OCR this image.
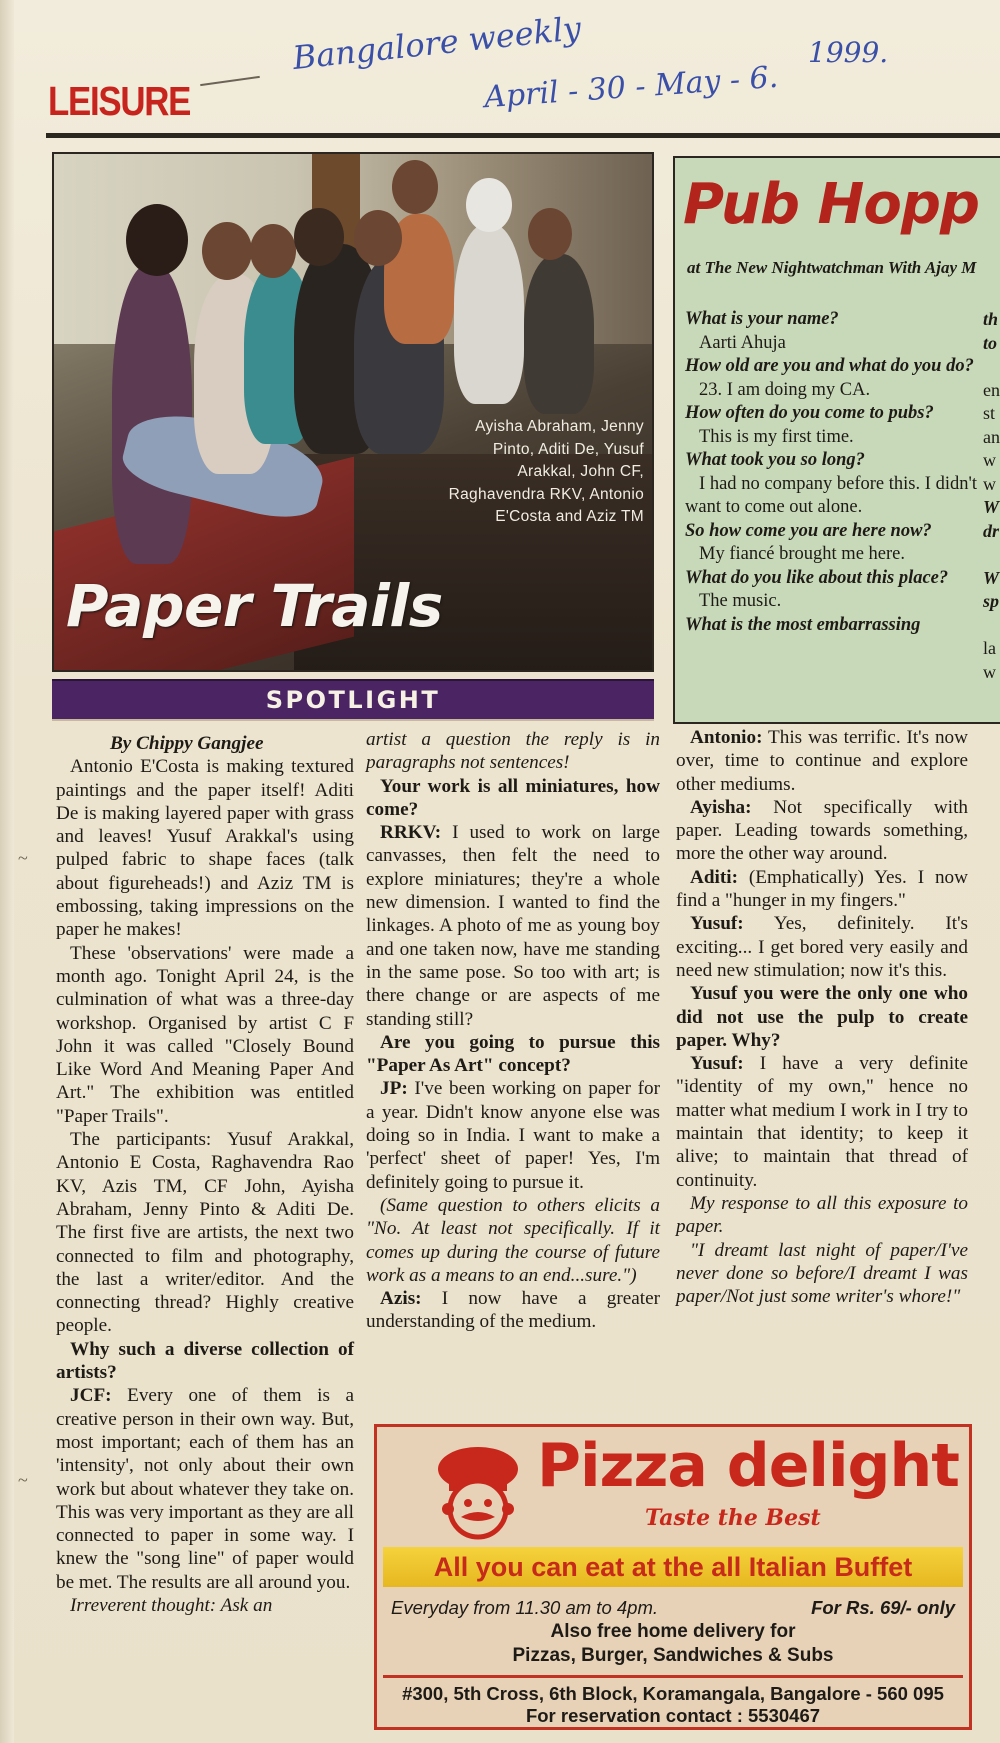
LEISURE
Bangalore weekly
April - 30 - May - 6.
1999.
Ayisha Abraham, Jenny Pinto, Aditi De, Yusuf Arakkal, John CF, Raghavendra RKV, Antonio E'Costa and Aziz TM
Paper Trails
SPOTLIGHT
Pub Hopp
at The New Nightwatchman With Ajay M
What is your name?
Aarti Ahuja
How old are you and what do you do?
23. I am doing my CA.
How often do you come to pubs?
This is my first time.
What took you so long?
I had no company before this. I didn't want to come out alone.
So how come you are here now?
My fiancé brought me here.
What do you like about this place?
The music.
What is the most embarrassing
th
to

en
st
an
w
w
W
dr

W
sp

la
w

By Chippy Gangjee

Antonio E'Costa is making textured paintings and the paper itself! Aditi De is making layered paper with grass and leaves! Yusuf Arakkal's using pulped fabric to shape faces (talk about figureheads!) and Aziz TM is embossing, taking impressions on the paper he makes!

These 'observations' were made a month ago. Tonight April 24, is the culmination of what was a three-day workshop. Organised by artist C F John it was called "Closely Bound Like Word And Meaning Paper And Art." The exhibition was entitled "Paper Trails".

The participants: Yusuf Arakkal, Antonio E Costa, Raghavendra Rao KV, Azis TM, CF John, Ayisha Abraham, Jenny Pinto & Aditi De. The first five are artists, the next two connected to film and photography, the last a writer/editor. And the connecting thread? Highly creative people.

Why such a diverse collection of artists?

JCF: Every one of them is a creative person in their own way. But, most important; each of them has an 'intensity', not only about their own work but about whatever they take on. This was very important as they are all connected to paper in some way. I knew the "song line" of paper would be met. The results are all around you.

Irreverent thought: Ask an

artist a question the reply is in paragraphs not sentences!

Your work is all miniatures, how come?

RRKV: I used to work on large canvasses, then felt the need to explore miniatures; they're a whole new dimension. I wanted to find the linkages. A photo of me as young boy and one taken now, have me standing in the same pose. So too with art; is there change or are aspects of me standing still?

Are you going to pursue this "Paper As Art" concept?

JP: I've been working on paper for a year. Didn't know anyone else was doing so in India. I want to make a 'perfect' sheet of paper! Yes, I'm definitely going to pursue it.

(Same question to others elicits a "No. At least not specifically. If it comes up during the course of future work as a means to an end...sure.")

Azis: I now have a greater understanding of the medium.

Antonio: This was terrific. It's now over, time to continue and explore other mediums.

Ayisha: Not specifically with paper. Leading towards something, more the other way around.

Aditi: (Emphatically) Yes. I now find a "hunger in my fingers."

Yusuf: Yes, definitely. It's exciting... I get bored very easily and need new stimulation; now it's this.

Yusuf you were the only one who did not use the pulp to create paper. Why?

Yusuf: I have a very definite "identity of my own," hence no matter what medium I work in I try to maintain that identity; to keep it alive; to maintain that thread of continuity.

My response to all this exposure to paper.

"I dreamt last night of paper/I've never done so before/I dreamt I was paper/Not just some writer's whore!"

~
~	Pizza delight
Taste the Best
All you can eat at the all Italian Buffet
Everyday from 11.30 am to 4pm.	For Rs. 69/- only
Also free home delivery for
Pizzas, Burger, Sandwiches & Subs
#300, 5th Cross, 6th Block, Koramangala, Bangalore - 560 095
For reservation contact : 5530467
